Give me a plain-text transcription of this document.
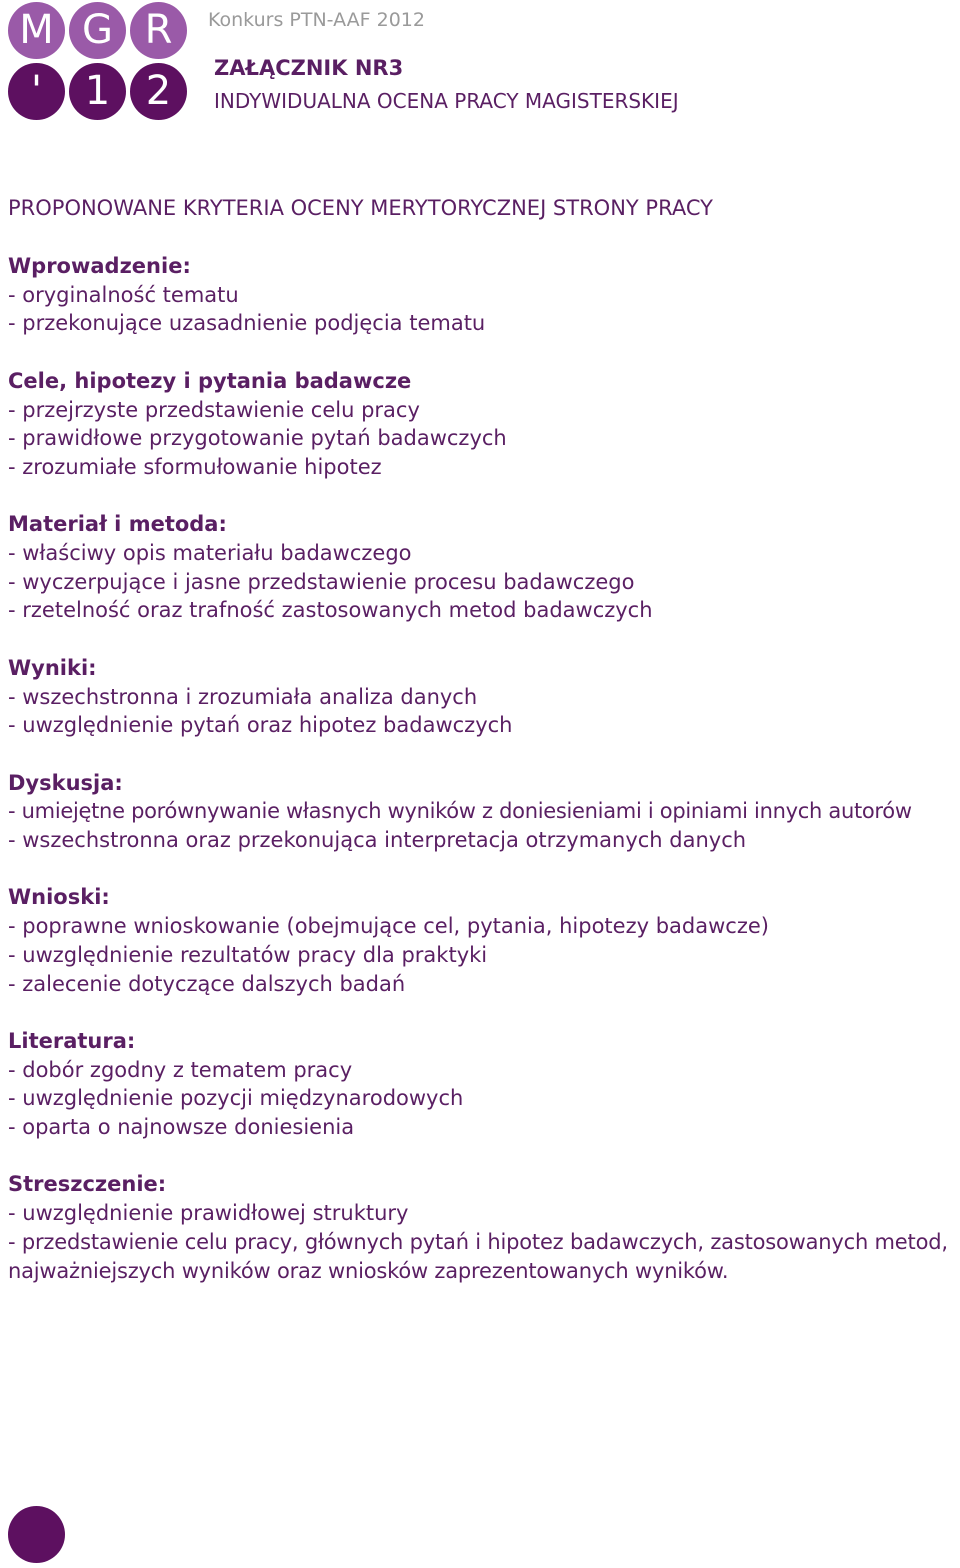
M G R
'	1 2
Konkurs PTN-AAF 2012
ZAŁĄCZNIK NR3
INDYWIDUALNA OCENA PRACY MAGISTERSKIEJ
PROPONOWANE KRYTERIA OCENY MERYTORYCZNEJ STRONY PRACY
Wprowadzenie:
- oryginalność tematu
- przekonujące uzasadnienie podjęcia tematu
Cele, hipotezy i pytania badawcze
- przejrzyste przedstawienie celu pracy
- prawidłowe przygotowanie pytań badawczych
- zrozumiałe sformułowanie hipotez
Materiał i metoda:
- właściwy opis materiału badawczego
- wyczerpujące i jasne przedstawienie procesu badawczego
- rzetelność oraz trafność zastosowanych metod badawczych
Wyniki:
- wszechstronna i zrozumiała analiza danych
- uwzględnienie pytań oraz hipotez badawczych
Dyskusja:
- umiejętne porównywanie własnych wyników z doniesieniami i opiniami innych autorów
- wszechstronna oraz przekonująca interpretacja otrzymanych danych
Wnioski:
- poprawne wnioskowanie (obejmujące cel, pytania, hipotezy badawcze)
- uwzględnienie rezultatów pracy dla praktyki
- zalecenie dotyczące dalszych badań
Literatura:
- dobór zgodny z tematem pracy
- uwzględnienie pozycji międzynarodowych
- oparta o najnowsze doniesienia
Streszczenie:
- uwzględnienie prawidłowej struktury
- przedstawienie celu pracy, głównych pytań i hipotez badawczych, zastosowanych metod, najważniejszych wyników oraz wniosków zaprezentowanych wyników.
